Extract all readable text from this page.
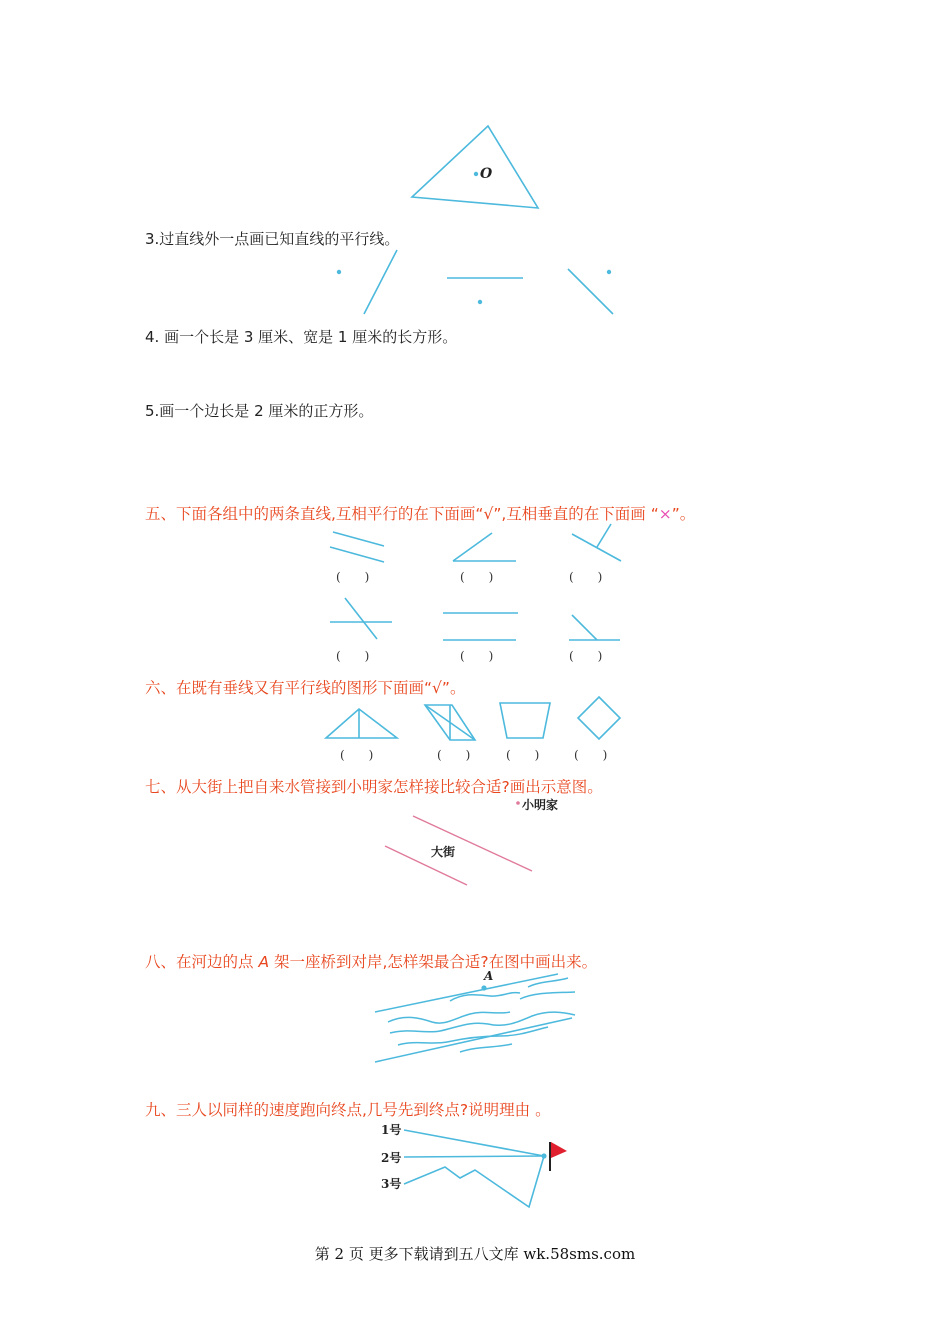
O
3.过直线外一点画已知直线的平行线。
4. 画一个长是 3 厘米、宽是 1 厘米的长方形。
5.画一个边长是 2 厘米的正方形。
五、下面各组中的两条直线,互相平行的在下面画“√”,互相垂直的在下面画 “×”。
(　　)	(　　)	(　　)
(　　)	(　　)	(　　)
六、在既有垂线又有平行线的图形下面画“√”。
(　　)	(　　)	(　　)	(　　)
七、从大街上把自来水管接到小明家怎样接比较合适?画出示意图。
小明家
大街
八、在河边的点 A 架一座桥到对岸,怎样架最合适?在图中画出来。
A
九、三人以同样的速度跑向终点,几号先到终点?说明理由 。
1号
2号
3号
第 2 页 更多下载请到五八文库 wk.58sms.com
